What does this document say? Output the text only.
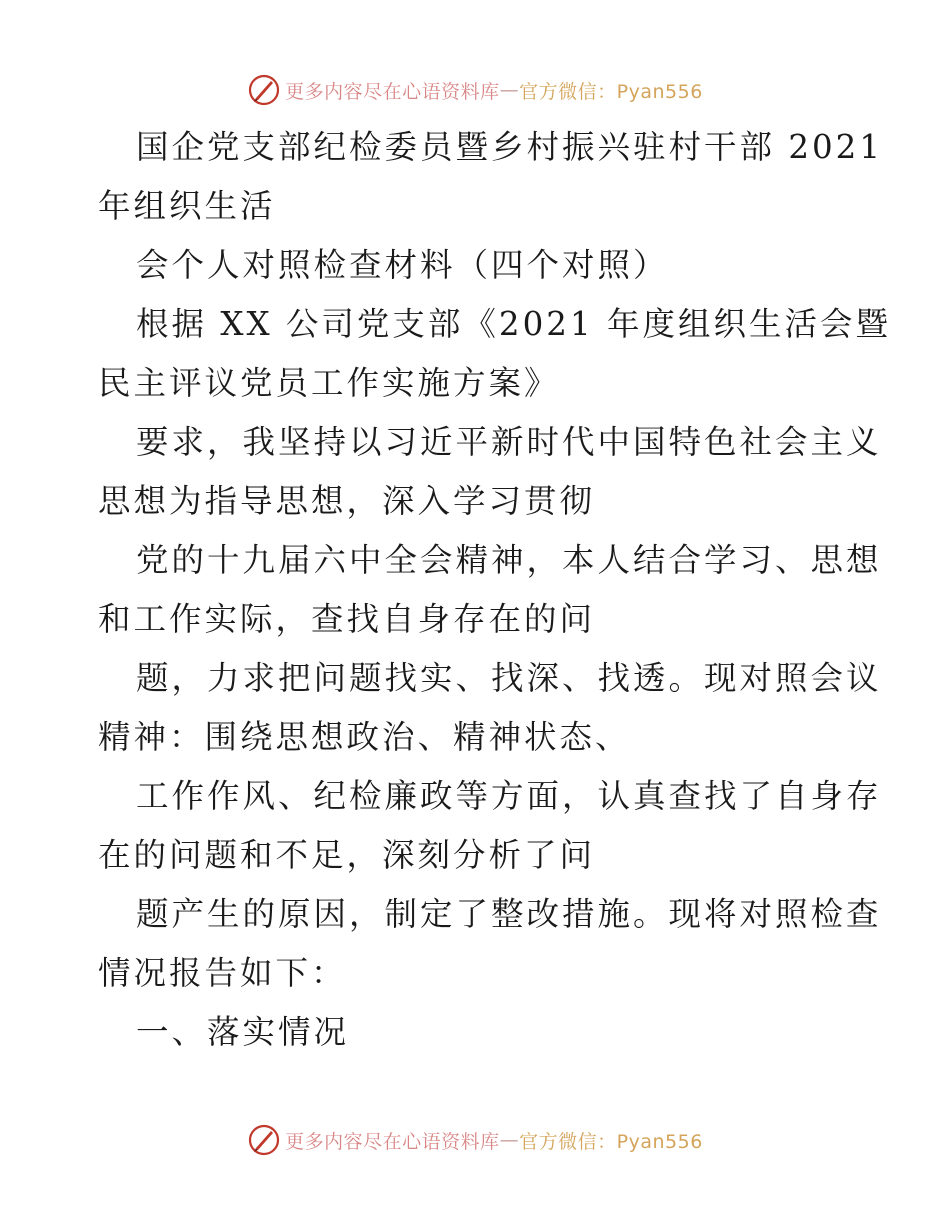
更多内容尽在心语资料库 — 官方微信：Pyan556

国企党支部纪检委员暨乡村振兴驻村干部 2021

年组织生活

会个人对照检查材料（四个对照）

根据 XX 公司党支部《2021 年度组织生活会暨

民主评议党员工作实施方案》

要求，我坚持以习近平新时代中国特色社会主义

思想为指导思想，深入学习贯彻

党的十九届六中全会精神，本人结合学习、思想

和工作实际，查找自身存在的问

题，力求把问题找实、找深、找透。现对照会议

精神：围绕思想政治、精神状态、

工作作风、纪检廉政等方面，认真查找了自身存

在的问题和不足，深刻分析了问

题产生的原因，制定了整改措施。现将对照检查

情况报告如下：

一、落实情况

更多内容尽在心语资料库 — 官方微信：Pyan556
